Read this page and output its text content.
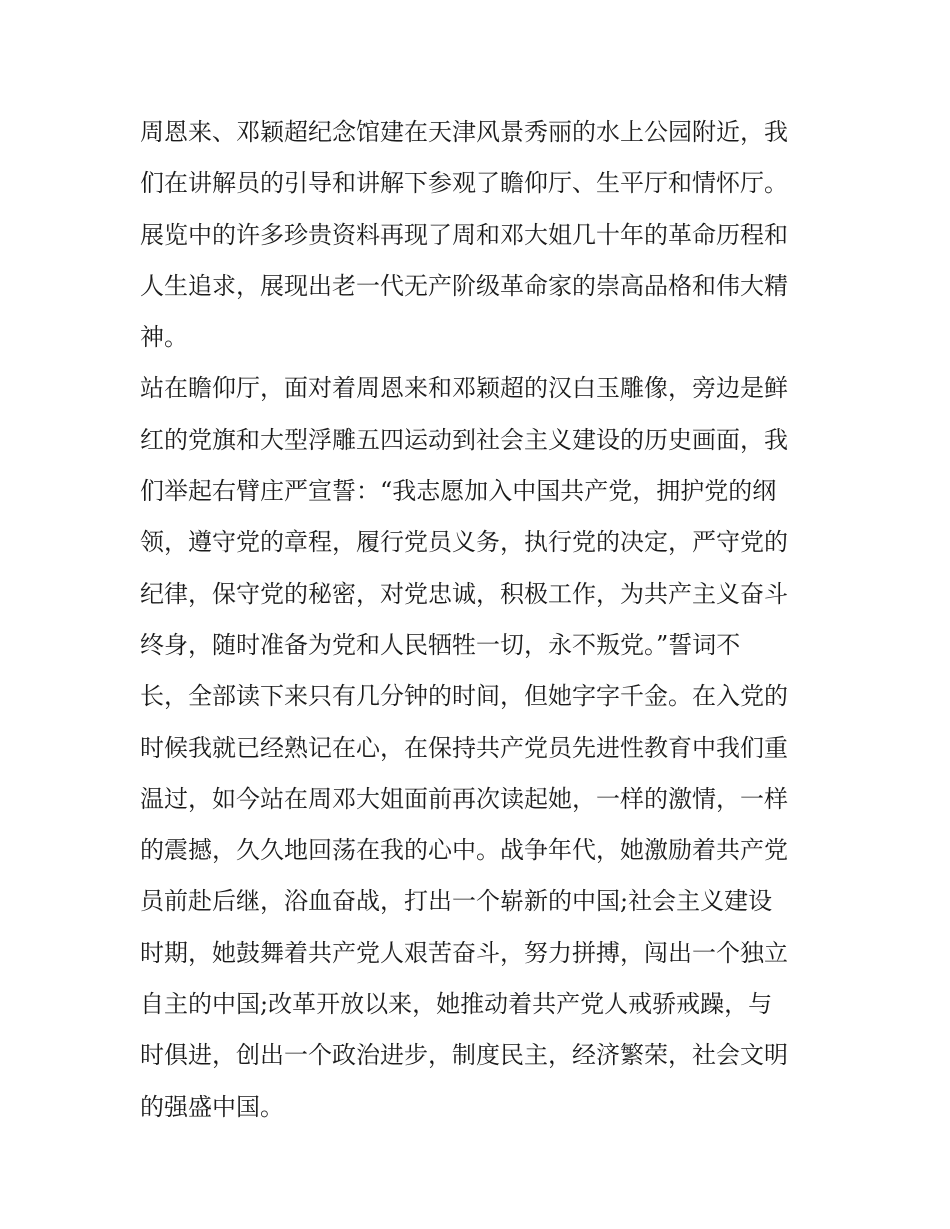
周恩来、邓颖超纪念馆建在天津风景秀丽的水上公园附近，我
们在讲解员的引导和讲解下参观了瞻仰厅、生平厅和情怀厅。
展览中的许多珍贵资料再现了周和邓大姐几十年的革命历程和
人生追求，展现出老一代无产阶级革命家的崇高品格和伟大精
神。
站在瞻仰厅，面对着周恩来和邓颖超的汉白玉雕像，旁边是鲜
红的党旗和大型浮雕五四运动到社会主义建设的历史画面，我
们举起右臂庄严宣誓：“我志愿加入中国共产党，拥护党的纲
领，遵守党的章程，履行党员义务，执行党的决定，严守党的
纪律，保守党的秘密，对党忠诚，积极工作，为共产主义奋斗
终身，随时准备为党和人民牺牲一切，永不叛党。”誓词不
长，全部读下来只有几分钟的时间，但她字字千金。在入党的
时候我就已经熟记在心，在保持共产党员先进性教育中我们重
温过，如今站在周邓大姐面前再次读起她，一样的激情，一样
的震撼，久久地回荡在我的心中。战争年代，她激励着共产党
员前赴后继，浴血奋战，打出一个崭新的中国;社会主义建设
时期，她鼓舞着共产党人艰苦奋斗，努力拼搏，闯出一个独立
自主的中国;改革开放以来，她推动着共产党人戒骄戒躁，与
时俱进，创出一个政治进步，制度民主，经济繁荣，社会文明
的强盛中国。
